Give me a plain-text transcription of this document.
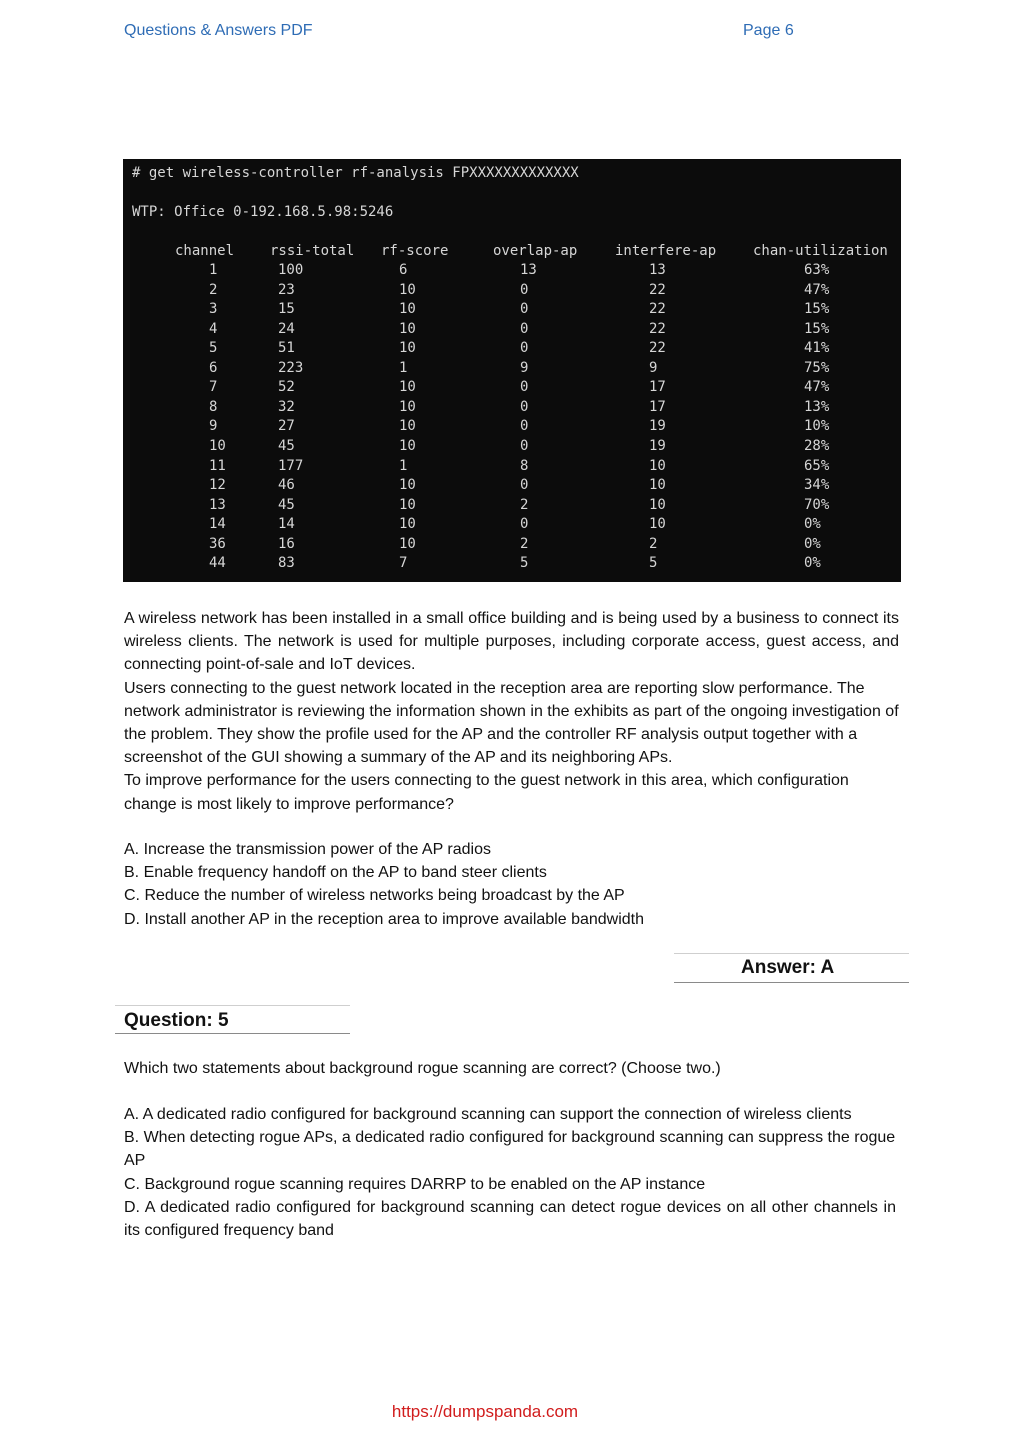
Questions & Answers PDF	Page 6
# get wireless-controller rf-analysis FPXXXXXXXXXXXXX
WTP: Office 0-192.168.5.98:5246
channel	rssi-total rf-score	overlap-ap	interfere-ap	chan-utilization
1	100	6	13	13	63%
2	23	10	0	22	47%
3	15	10	0	22	15%
4	24	10	0	22	15%
5	51	10	0	22	41%
6	223	1	9	9	75%
7	52	10	0	17	47%
8	32	10	0	17	13%
9	27	10	0	19	10%
10	45	10	0	19	28%
11	177	1	8	10	65%
12	46	10	0	10	34%
13	45	10	2	10	70%
14	14	10	0	10	0%
36	16	10	2	2	0%
44	83	7	5	5	0%

A wireless network has been installed in a small office building and is being used by a business to connect its wireless clients. The network is used for multiple purposes, including corporate access, guest access, and connecting point-of-sale and IoT devices.

Users connecting to the guest network located in the reception area are reporting slow performance. The network administrator is reviewing the information shown in the exhibits as part of the ongoing investigation of the problem. They show the profile used for the AP and the controller RF analysis output together with a screenshot of the GUI showing a summary of the AP and its neighboring APs.

To improve performance for the users connecting to the guest network in this area, which configuration change is most likely to improve performance?

A. Increase the transmission power of the AP radios
B. Enable frequency handoff on the AP to band steer clients
C. Reduce the number of wireless networks being broadcast by the AP
D. Install another AP in the reception area to improve available bandwidth
Answer: A
Question: 5
Which two statements about background rogue scanning are correct? (Choose two.)

A. A dedicated radio configured for background scanning can support the connection of wireless clients

B. When detecting rogue APs, a dedicated radio configured for background scanning can suppress the rogue AP

C. Background rogue scanning requires DARRP to be enabled on the AP instance

D. A dedicated radio configured for background scanning can detect rogue devices on all other channels in its configured frequency band

https://dumpspanda.com
